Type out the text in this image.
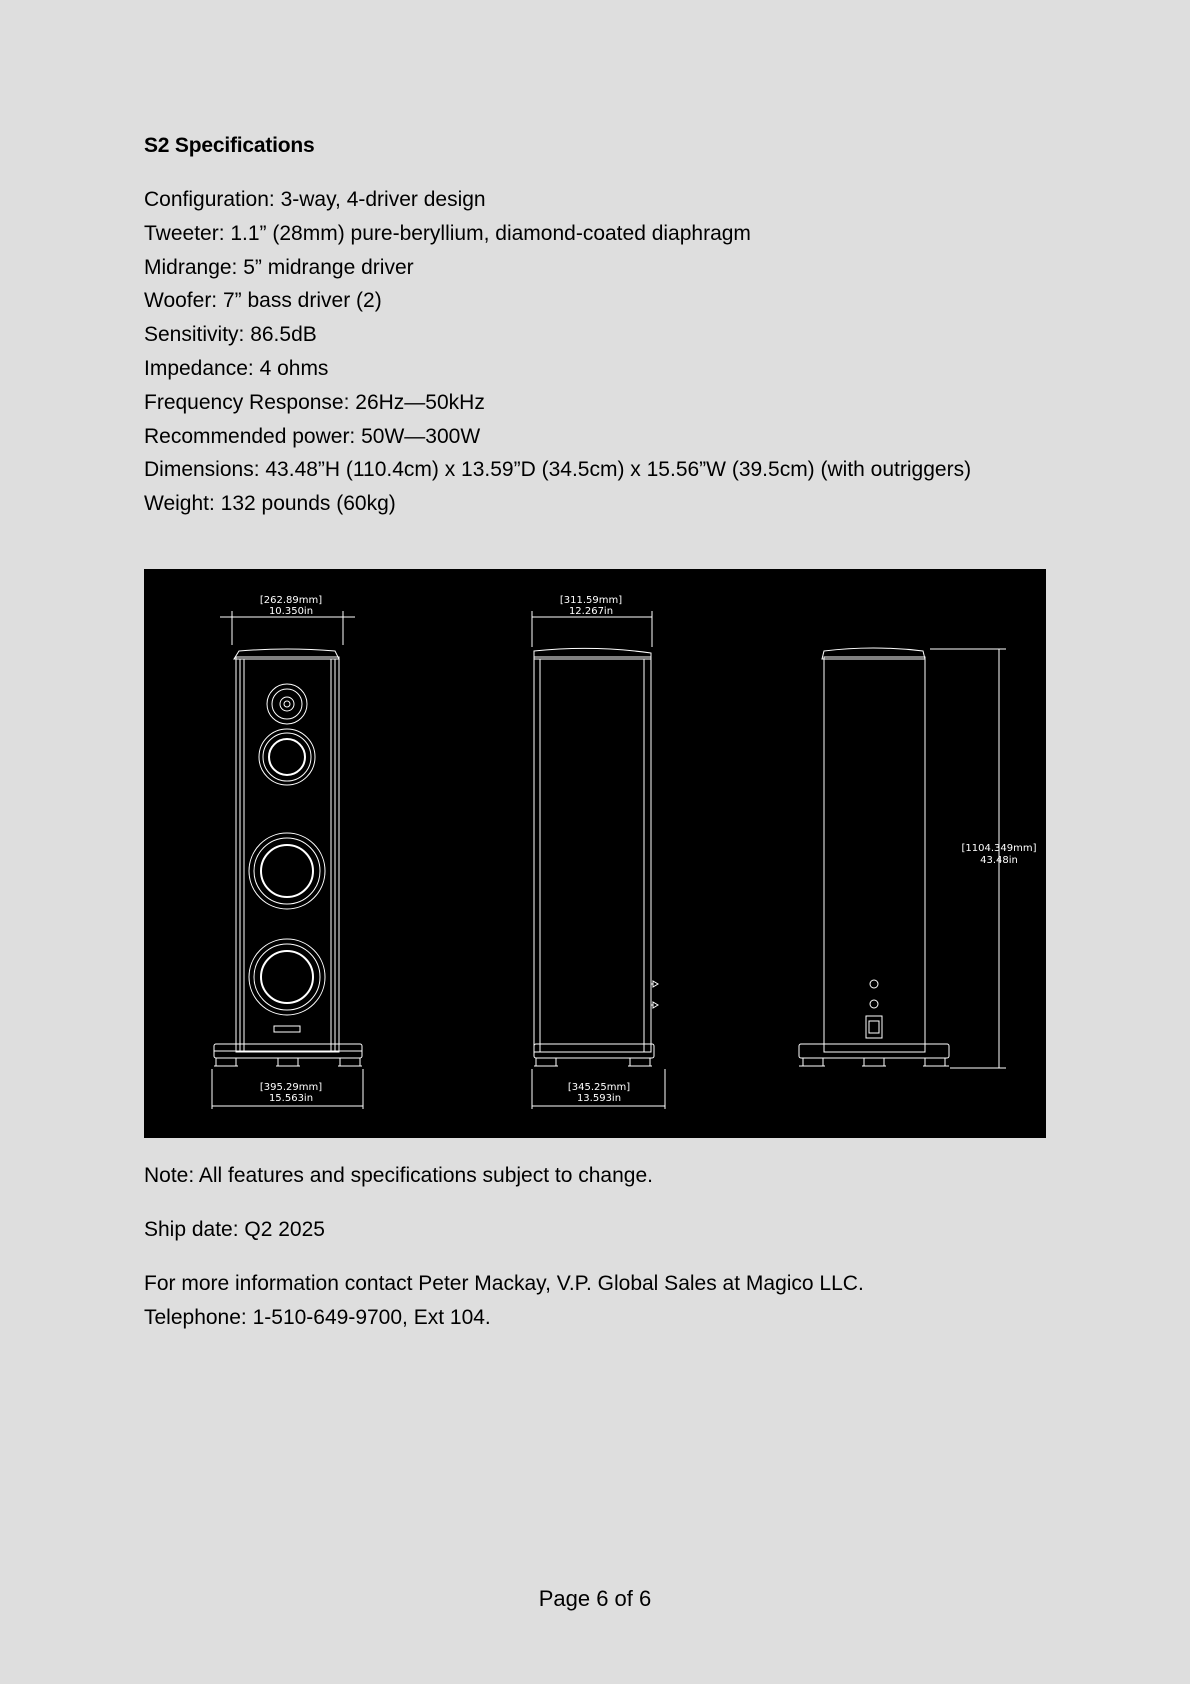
S2 Specifications
Configuration: 3-way, 4-driver design
Tweeter: 1.1” (28mm) pure-beryllium, diamond-coated diaphragm
Midrange: 5” midrange driver
Woofer: 7” bass driver (2)
Sensitivity: 86.5dB
Impedance: 4 ohms
Frequency Response: 26Hz—50kHz
Recommended power: 50W—300W
Dimensions: 43.48”H (110.4cm) x 13.59”D (34.5cm) x 15.56”W (39.5cm) (with outriggers)
Weight: 132 pounds (60kg)
[262.89mm]
10.350in
[395.29mm]
15.563in
[311.59mm]
12.267in
[345.25mm]
13.593in
[1104.349mm]
43.48in

Note: All features and specifications subject to change.

Ship date: Q2 2025

For more information contact Peter Mackay, V.P. Global Sales at Magico LLC.

Telephone: 1-510-649-9700, Ext 104.

Page 6 of 6
